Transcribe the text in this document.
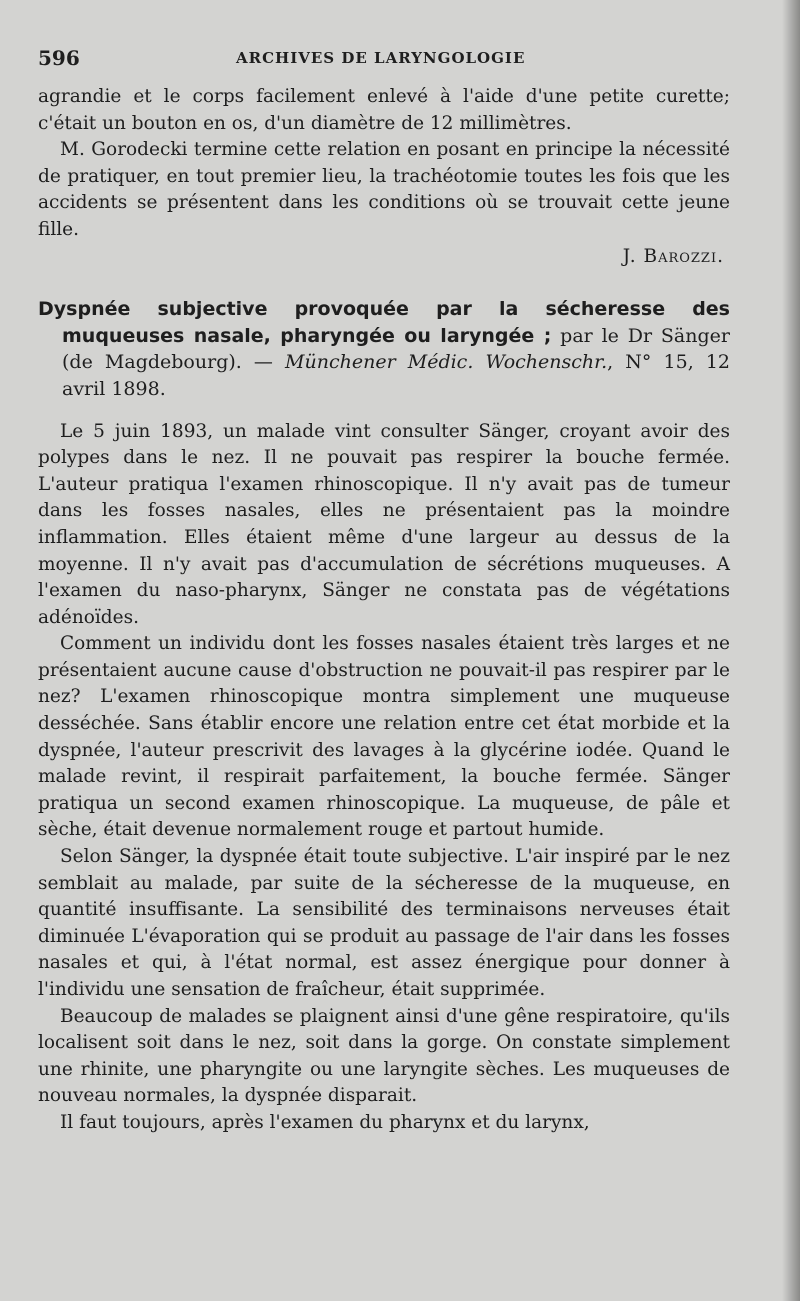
596	ARCHIVES DE LARYNGOLOGIE

agrandie et le corps facilement enlevé à l'aide d'une petite curette; c'était un bouton en os, d'un diamètre de 12 millimètres.

M. Gorodecki termine cette relation en posant en principe la nécessité de pratiquer, en tout premier lieu, la trachéotomie toutes les fois que les accidents se présentent dans les conditions où se trouvait cette jeune fille.

J. Barozzi.

Dyspnée subjective provoquée par la sécheresse des muqueuses nasale, pharyngée ou laryngée ; par le Dr Sänger (de Magdebourg). — Münchener Médic. Wochenschr., N° 15, 12 avril 1898.

Le 5 juin 1893, un malade vint consulter Sänger, croyant avoir des polypes dans le nez. Il ne pouvait pas respirer la bouche fermée. L'auteur pratiqua l'examen rhinoscopique. Il n'y avait pas de tumeur dans les fosses nasales, elles ne présentaient pas la moindre inflammation. Elles étaient même d'une largeur au dessus de la moyenne. Il n'y avait pas d'accumulation de sécrétions muqueuses. A l'examen du naso-pharynx, Sänger ne constata pas de végétations adénoïdes.

Comment un individu dont les fosses nasales étaient très larges et ne présentaient aucune cause d'obstruction ne pouvait-il pas respirer par le nez? L'examen rhinoscopique montra simplement une muqueuse desséchée. Sans établir encore une relation entre cet état morbide et la dyspnée, l'auteur prescrivit des lavages à la glycérine iodée. Quand le malade revint, il respirait parfaitement, la bouche fermée. Sänger pratiqua un second examen rhinoscopique. La muqueuse, de pâle et sèche, était devenue normalement rouge et partout humide.

Selon Sänger, la dyspnée était toute subjective. L'air inspiré par le nez semblait au malade, par suite de la sécheresse de la muqueuse, en quantité insuffisante. La sensibilité des terminaisons nerveuses était diminuée L'évaporation qui se produit au passage de l'air dans les fosses nasales et qui, à l'état normal, est assez énergique pour donner à l'individu une sensation de fraîcheur, était supprimée.

Beaucoup de malades se plaignent ainsi d'une gêne respiratoire, qu'ils localisent soit dans le nez, soit dans la gorge. On constate simplement une rhinite, une pharyngite ou une laryngite sèches. Les muqueuses de nouveau normales, la dyspnée disparait.

Il faut toujours, après l'examen du pharynx et du larynx,
